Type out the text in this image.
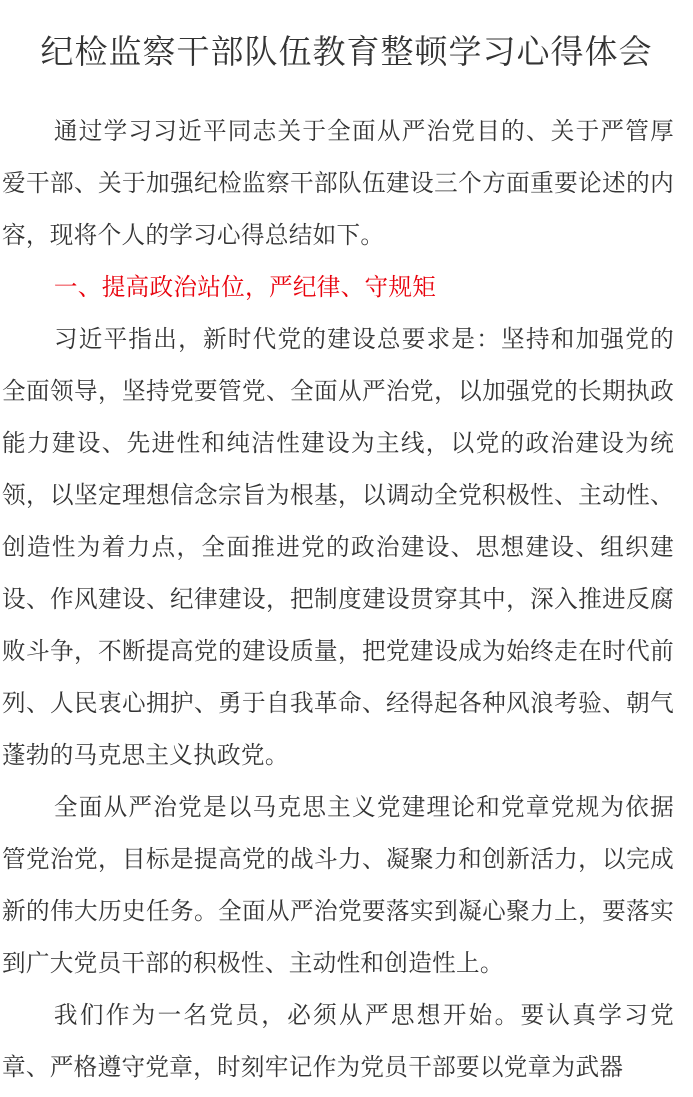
纪检监察干部队伍教育整顿学习心得体会

通过学习习近平同志关于全面从严治党目的、关于严管厚爱干部、关于加强纪检监察干部队伍建设三个方面重要论述的内容，现将个人的学习心得总结如下。

一、提高政治站位，严纪律、守规矩

习近平指出，新时代党的建设总要求是：坚持和加强党的全面领导，坚持党要管党、全面从严治党，以加强党的长期执政能力建设、先进性和纯洁性建设为主线，以党的政治建设为统领，以坚定理想信念宗旨为根基，以调动全党积极性、主动性、创造性为着力点，全面推进党的政治建设、思想建设、组织建设、作风建设、纪律建设，把制度建设贯穿其中，深入推进反腐败斗争，不断提高党的建设质量，把党建设成为始终走在时代前列、人民衷心拥护、勇于自我革命、经得起各种风浪考验、朝气蓬勃的马克思主义执政党。

全面从严治党是以马克思主义党建理论和党章党规为依据管党治党，目标是提高党的战斗力、凝聚力和创新活力，以完成新的伟大历史任务。全面从严治党要落实到凝心聚力上，要落实到广大党员干部的积极性、主动性和创造性上。

我们作为一名党员，必须从严思想开始。要认真学习党章、严格遵守党章，时刻牢记作为党员干部要以党章为武器
